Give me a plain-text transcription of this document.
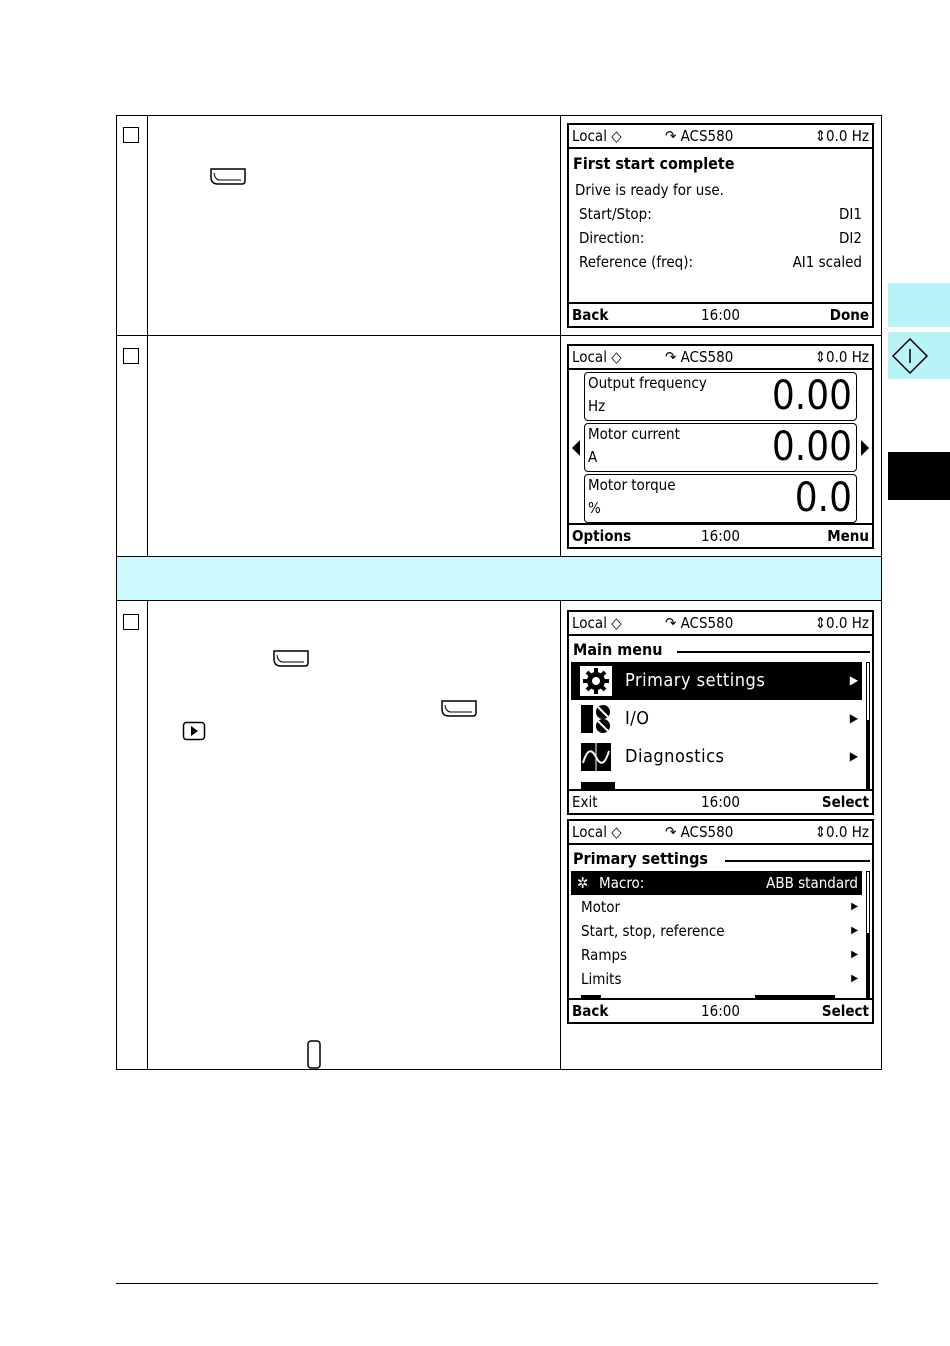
Local ◇	↷ ACS580	⇕0.0 Hz
First start complete
Drive is ready for use.
Start/Stop:	DI1
Direction:	DI2
Reference (freq):	AI1 scaled
Back	16:00	Done
Local ◇	↷ ACS580	⇕0.0 Hz
Output frequency
Hz	0.00
Motor current
A	0.00
Motor torque
%	0.0
Options	16:00	Menu
Local ◇	↷ ACS580	⇕0.0 Hz
Main menu
Primary settings	▶
I/O	▶
Diagnostics	▶
Exit	16:00	Select
Local ◇	↷ ACS580	⇕0.0 Hz
Primary settings
✲ Macro:	ABB standard
Motor	▶
Start, stop, reference	▶
Ramps	▶
Limits	▶
Back	16:00	Select
